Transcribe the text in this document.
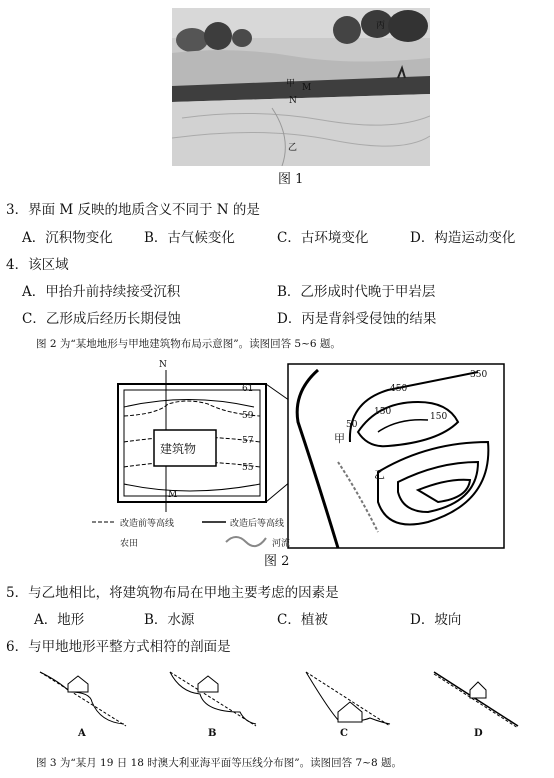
丙
甲 M
N
乙
图 1
3．界面 M 反映的地质含义不同于 N 的是
A．沉积物变化 B．古气候变化	C．古环境变化	D．构造运动变化
4．该区域
A．甲抬升前持续接受沉积	B．乙形成时代晚于甲岩层
C．乙形成后经历长期侵蚀	D．丙是背斜受侵蚀的结果
图 2 为“某地地形与甲地建筑物布局示意图”。读图回答 5~6 题。
N
M
61
59
57
55
建筑物
350
450
150
50
150
甲
乙
改造前等高线	改造后等高线
农田	河流
图 2
5．与乙地相比，将建筑物布局在甲地主要考虑的因素是
A．地形	B．水源	C．植被	D．坡向
6．与甲地地形平整方式相符的剖面是
A	B	C	D
图 3 为“某月 19 日 18 时澳大利亚海平面等压线分布图”。读图回答 7~8 题。
